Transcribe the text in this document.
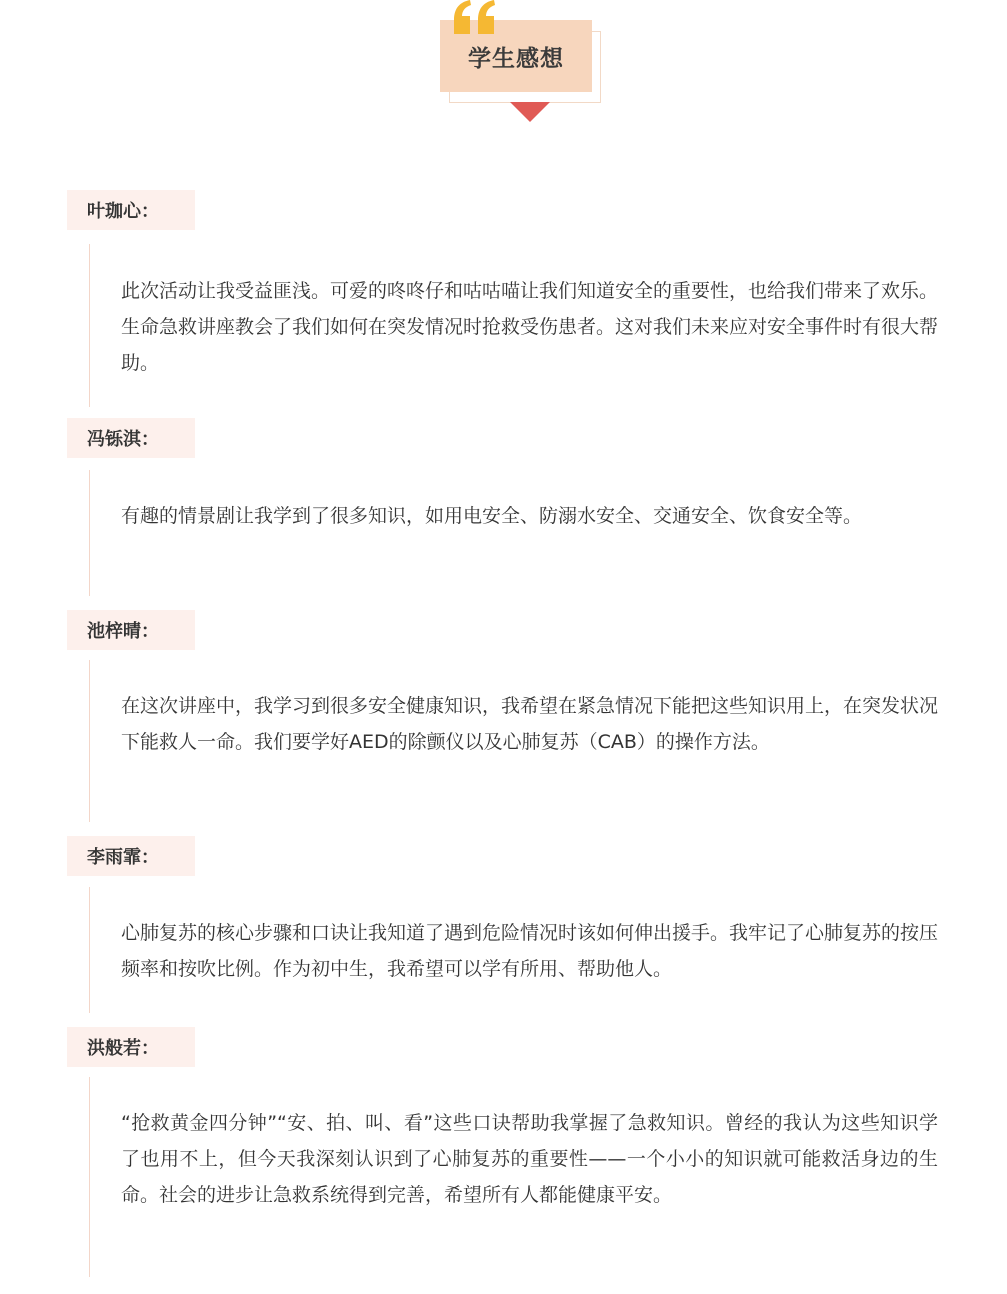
学生感想
叶珈心：

此次活动让我受益匪浅。可爱的咚咚仔和咕咕喵让我们知道安全的重要性，也给我们带来了欢乐。生命急救讲座教会了我们如何在突发情况时抢救受伤患者。这对我们未来应对安全事件时有很大帮助。

冯铄淇：

有趣的情景剧让我学到了很多知识，如用电安全、防溺水安全、交通安全、饮食安全等。

池梓晴：

在这次讲座中，我学习到很多安全健康知识，我希望在紧急情况下能把这些知识用上，在突发状况下能救人一命。我们要学好AED的除颤仪以及心肺复苏（CAB）的操作方法。

李雨霏：

心肺复苏的核心步骤和口诀让我知道了遇到危险情况时该如何伸出援手。我牢记了心肺复苏的按压频率和按吹比例。作为初中生，我希望可以学有所用、帮助他人。

洪般若：

“抢救黄金四分钟”“安、拍、叫、看”这些口诀帮助我掌握了急救知识。曾经的我认为这些知识学了也用不上，但今天我深刻认识到了心肺复苏的重要性——一个小小的知识就可能救活身边的生命。社会的进步让急救系统得到完善，希望所有人都能健康平安。
